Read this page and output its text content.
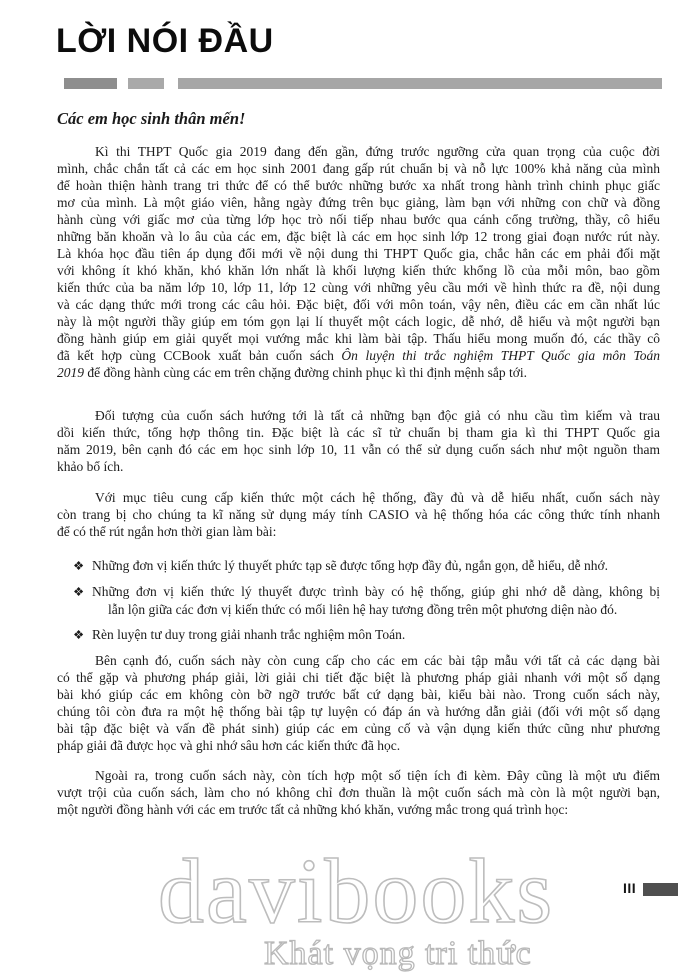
LỜI NÓI ĐẦU
Các em học sinh thân mến!
Kì thi THPT Quốc gia 2019 đang đến gần, đứng trước ngưỡng cửa quan trọng của cuộc đời
mình, chắc chắn tất cả các em học sinh 2001 đang gấp rút chuẩn bị và nỗ lực 100% khả năng của mình
để hoàn thiện hành trang tri thức để có thể bước những bước xa nhất trong hành trình chinh phục giấc
mơ của mình. Là một giáo viên, hằng ngày đứng trên bục giảng, làm bạn với những con chữ và đồng
hành cùng với giấc mơ của từng lớp học trò nối tiếp nhau bước qua cánh cổng trường, thầy, cô hiểu
những băn khoăn và lo âu của các em, đặc biệt là các em học sinh lớp 12 trong giai đoạn nước rút này.
Là khóa học đầu tiên áp dụng đổi mới về nội dung thi THPT Quốc gia, chắc hẳn các em phải đối mặt
với không ít khó khăn, khó khăn lớn nhất là khối lượng kiến thức khổng lồ của mỗi môn, bao gồm
kiến thức của ba năm lớp 10, lớp 11, lớp 12 cùng với những yêu cầu mới về hình thức ra đề, nội dung
và các dạng thức mới trong các câu hỏi. Đặc biệt, đối với môn toán, vậy nên, điều các em cần nhất lúc
này là một người thầy giúp em tóm gọn lại lí thuyết một cách logic, dễ nhớ, dễ hiểu và một người bạn
đồng hành giúp em giải quyết mọi vướng mắc khi làm bài tập. Thấu hiểu mong muốn đó, các thầy cô
đã kết hợp cùng CCBook xuất bản cuốn sách Ôn luyện thi trắc nghiệm THPT Quốc gia môn Toán
2019 để đồng hành cùng các em trên chặng đường chinh phục kì thi định mệnh sắp tới.
Đối tượng của cuốn sách hướng tới là tất cả những bạn độc giả có nhu cầu tìm kiếm và trau
dồi kiến thức, tổng hợp thông tin. Đặc biệt là các sĩ tử chuẩn bị tham gia kì thi THPT Quốc gia
năm 2019, bên cạnh đó các em học sinh lớp 10, 11 vẫn có thể sử dụng cuốn sách như một nguồn tham
khảo bổ ích.
Với mục tiêu cung cấp kiến thức một cách hệ thống, đầy đủ và dễ hiểu nhất, cuốn sách này
còn trang bị cho chúng ta kĩ năng sử dụng máy tính CASIO và hệ thống hóa các công thức tính nhanh
để có thể rút ngắn hơn thời gian làm bài:
❖ Những đơn vị kiến thức lý thuyết phức tạp sẽ được tổng hợp đầy đủ, ngắn gọn, dễ hiểu, dễ nhớ.
❖ Những đơn vị kiến thức lý thuyết được trình bày có hệ thống, giúp ghi nhớ dễ dàng, không bị
lẫn lộn giữa các đơn vị kiến thức có mối liên hệ hay tương đồng trên một phương diện nào đó.
❖ Rèn luyện tư duy trong giải nhanh trắc nghiệm môn Toán.
Bên cạnh đó, cuốn sách này còn cung cấp cho các em các bài tập mẫu với tất cả các dạng bài
có thể gặp và phương pháp giải, lời giải chi tiết đặc biệt là phương pháp giải nhanh với một số dạng
bài khó giúp các em không còn bỡ ngỡ trước bất cứ dạng bài, kiểu bài nào. Trong cuốn sách này,
chúng tôi còn đưa ra một hệ thống bài tập tự luyện có đáp án và hướng dẫn giải (đối với một số dạng
bài tập đặc biệt và vấn đề phát sinh) giúp các em củng cố và vận dụng kiến thức cũng như phương
pháp giải đã được học và ghi nhớ sâu hơn các kiến thức đã học.
Ngoài ra, trong cuốn sách này, còn tích hợp một số tiện ích đi kèm. Đây cũng là một ưu điểm
vượt trội của cuốn sách, làm cho nó không chỉ đơn thuần là một cuốn sách mà còn là một người bạn,
một người đồng hành với các em trước tất cả những khó khăn, vướng mắc trong quá trình học:
davibooks
Khát vọng tri thức
III
